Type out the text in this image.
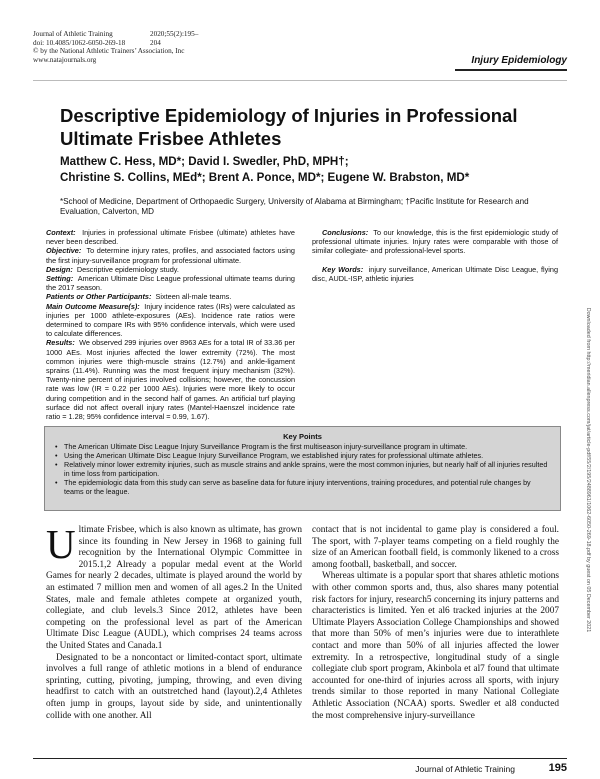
Journal of Athletic Training
doi: 10.4085/1062-6050-269-18
© by the National Athletic Trainers’ Association, Inc
www.natajournals.org
2020;55(2):195–204
Injury Epidemiology
Descriptive Epidemiology of Injuries in Professional Ultimate Frisbee Athletes
Matthew C. Hess, MD*; David I. Swedler, PhD, MPH†;
Christine S. Collins, MEd*; Brent A. Ponce, MD*; Eugene W. Brabston, MD*
*School of Medicine, Department of Orthopaedic Surgery, University of Alabama at Birmingham; †Pacific Institute for Research and Evaluation, Calverton, MD

Context: Injuries in professional ultimate Frisbee (ultimate) athletes have never been described.

Objective: To determine injury rates, profiles, and associated factors using the first injury-surveillance program for professional ultimate.

Design: Descriptive epidemiology study.

Setting: American Ultimate Disc League professional ultimate teams during the 2017 season.

Patients or Other Participants: Sixteen all-male teams.

Main Outcome Measure(s): Injury incidence rates (IRs) were calculated as injuries per 1000 athlete-exposures (AEs). Incidence rate ratios were determined to compare IRs with 95% confidence intervals, which were used to calculate differences.

Results: We observed 299 injuries over 8963 AEs for a total IR of 33.36 per 1000 AEs. Most injuries affected the lower extremity (72%). The most common injuries were thigh-muscle strains (12.7%) and ankle-ligament sprains (11.4%). Running was the most frequent injury mechanism (32%). Twenty-nine percent of injuries involved collisions; however, the concussion rate was low (IR = 0.22 per 1000 AEs). Injuries were more likely to occur during competition and in the second half of games. An artificial turf playing surface did not affect overall injury rates (Mantel-Haenszel incidence rate ratio = 1.28; 95% confidence interval = 0.99, 1.67).

Conclusions: To our knowledge, this is the first epidemiologic study of professional ultimate injuries. Injury rates were comparable with those of similar collegiate- and professional-level sports.

Key Words: injury surveillance, American Ultimate Disc League, flying disc, AUDL-ISP, athletic injuries

Key Points
• The American Ultimate Disc League Injury Surveillance Program is the first multiseason injury-surveillance program in ultimate.
• Using the American Ultimate Disc League Injury Surveillance Program, we established injury rates for professional ultimate athletes.
• Relatively minor lower extremity injuries, such as muscle strains and ankle sprains, were the most common injuries, but nearly half of all injuries resulted in time loss from participation.
• The epidemiologic data from this study can serve as baseline data for future injury interventions, training procedures, and potential rule changes by teams or the league.

Ultimate Frisbee, which is also known as ultimate, has grown since its founding in New Jersey in 1968 to gaining full recognition by the International Olympic Committee in 2015.1,2 Already a popular medal event at the World Games for nearly 2 decades, ultimate is played around the world by an estimated 7 million men and women of all ages.2 In the United States, male and female athletes compete at organized youth, collegiate, and club levels.3 Since 2012, athletes have been competing on the professional level as part of the American Ultimate Disc League (AUDL), which comprises 24 teams across the United States and Canada.1

Designated to be a noncontact or limited-contact sport, ultimate involves a full range of athletic motions in a blend of endurance sprinting, cutting, pivoting, jumping, throwing, and even diving headfirst to catch with an outstretched hand (layout).2,4 Athletes often jump in groups, layout side by side, and unintentionally collide with one another. All

contact that is not incidental to game play is considered a foul. The sport, with 7-player teams competing on a field roughly the size of an American football field, is commonly likened to a cross among football, basketball, and soccer.

Whereas ultimate is a popular sport that shares athletic motions with other common sports and, thus, also shares many potential risk factors for injury, research5 concerning its injury patterns and characteristics is limited. Yen et al6 tracked injuries at the 2007 Ultimate Players Association College Championships and showed that more than 50% of men’s injuries were due to interathlete contact and more than 50% of all injuries affected the lower extremity. In a retrospective, longitudinal study of a single collegiate club sport program, Akinbola et al7 found that ultimate accounted for one-third of injuries across all sports, with injury trends similar to those reported in many National Collegiate Athletic Association (NCAA) sports. Swedler et al8 conducted the most comprehensive injury-surveillance

Journal of Athletic Training	195
Downloaded from http://meridian.allenpress.com/jat/article-pdf/55/2/195/2488961/1062-6050-269-18.pdf by guest on 05 December 2021
